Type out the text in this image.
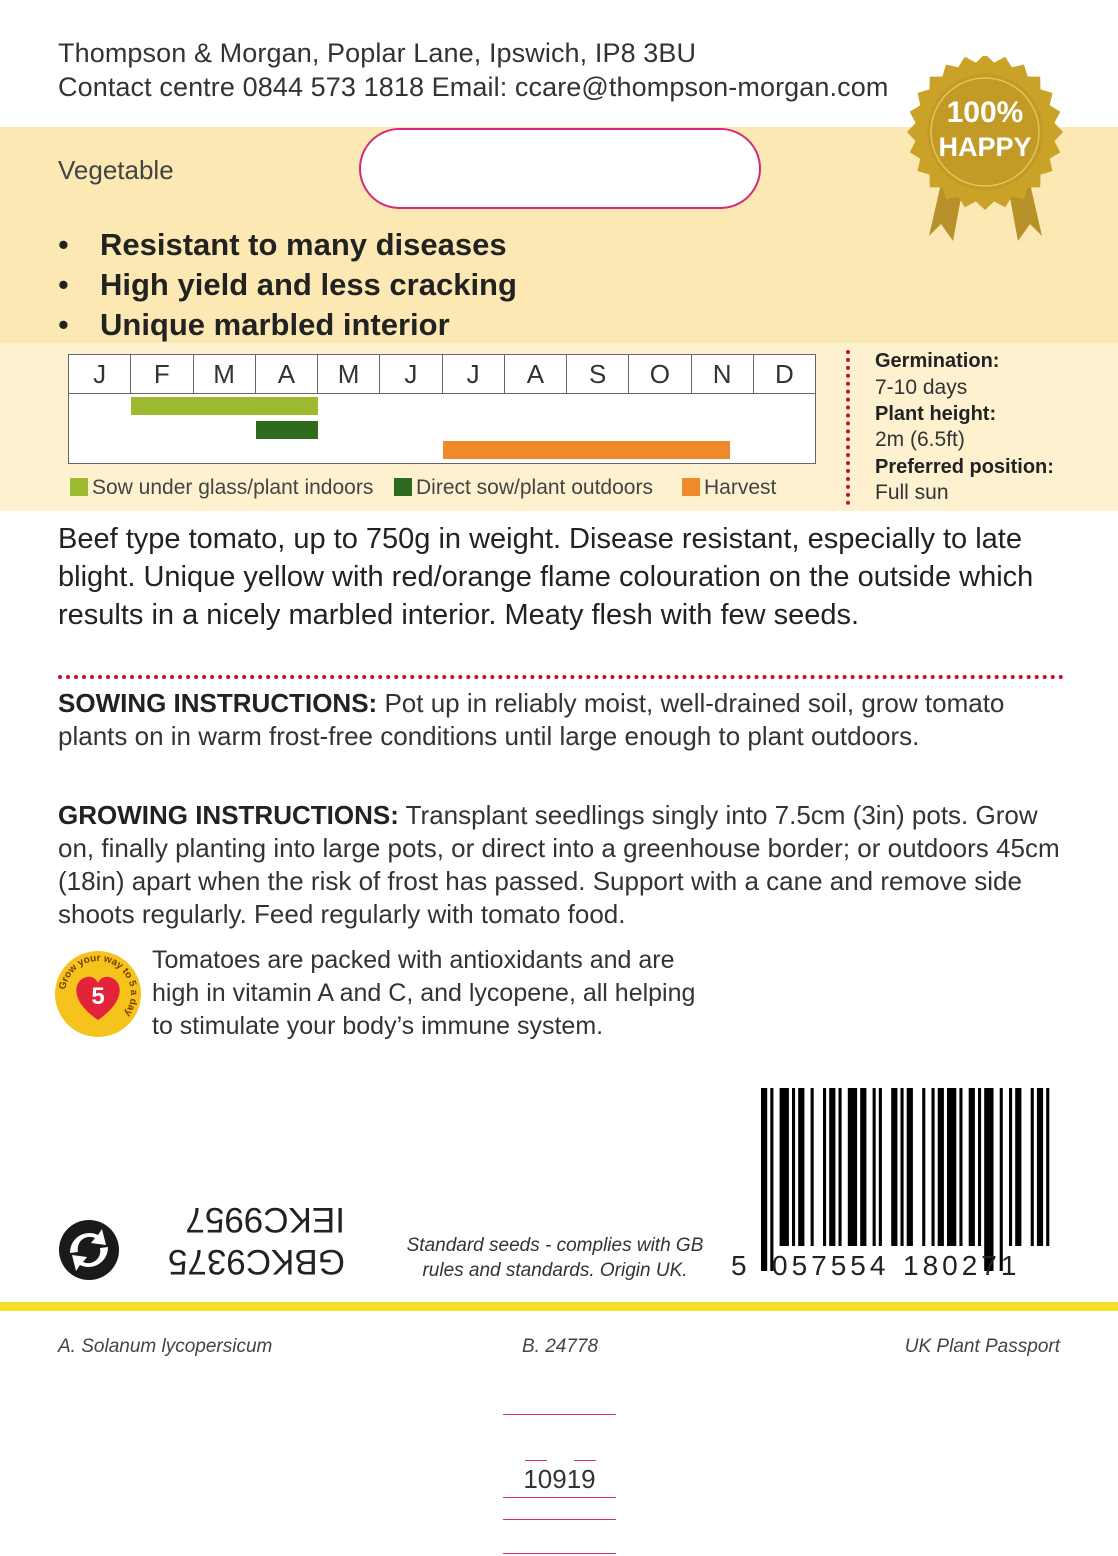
Thompson & Morgan, Poplar Lane, Ipswich, IP8 3BU
Contact centre 0844 573 1818 Email: ccare@thompson-morgan.com
100%
HAPPY
Vegetable
• Resistant to many diseases
• High yield and less cracking
• Unique marbled interior
J	F	M	A	M	J	J	A	S	O	N	D
Sow under glass/plant indoors	Direct sow/plant outdoors	Harvest
Germination:
7-10 days
Plant height:
2m (6.5ft)
Preferred position:
Full sun
Beef type tomato, up to 750g in weight. Disease resistant, especially to late blight. Unique yellow with red/orange flame colouration on the outside which results in a nicely marbled interior. Meaty flesh with few seeds.
SOWING INSTRUCTIONS: Pot up in reliably moist, well-drained soil, grow tomato plants on in warm frost-free conditions until large enough to plant outdoors.
GROWING INSTRUCTIONS: Transplant seedlings singly into 7.5cm (3in) pots. Grow on, finally planting into large pots, or direct into a greenhouse border; or outdoors 45cm (18in) apart when the risk of frost has passed. Support with a cane and remove side shoots regularly. Feed regularly with tomato food.
5
Grow your way to 5 a day
Tomatoes are packed with antioxidants and are high in vitamin A and C, and lycopene, all helping to stimulate your body’s immune system.
GBKC9375
IEKC9957
Standard seeds - complies with GB
rules and standards. Origin UK.	5 057554 180271
A. Solanum lycopersicum	B. 24778	UK Plant Passport
10919
